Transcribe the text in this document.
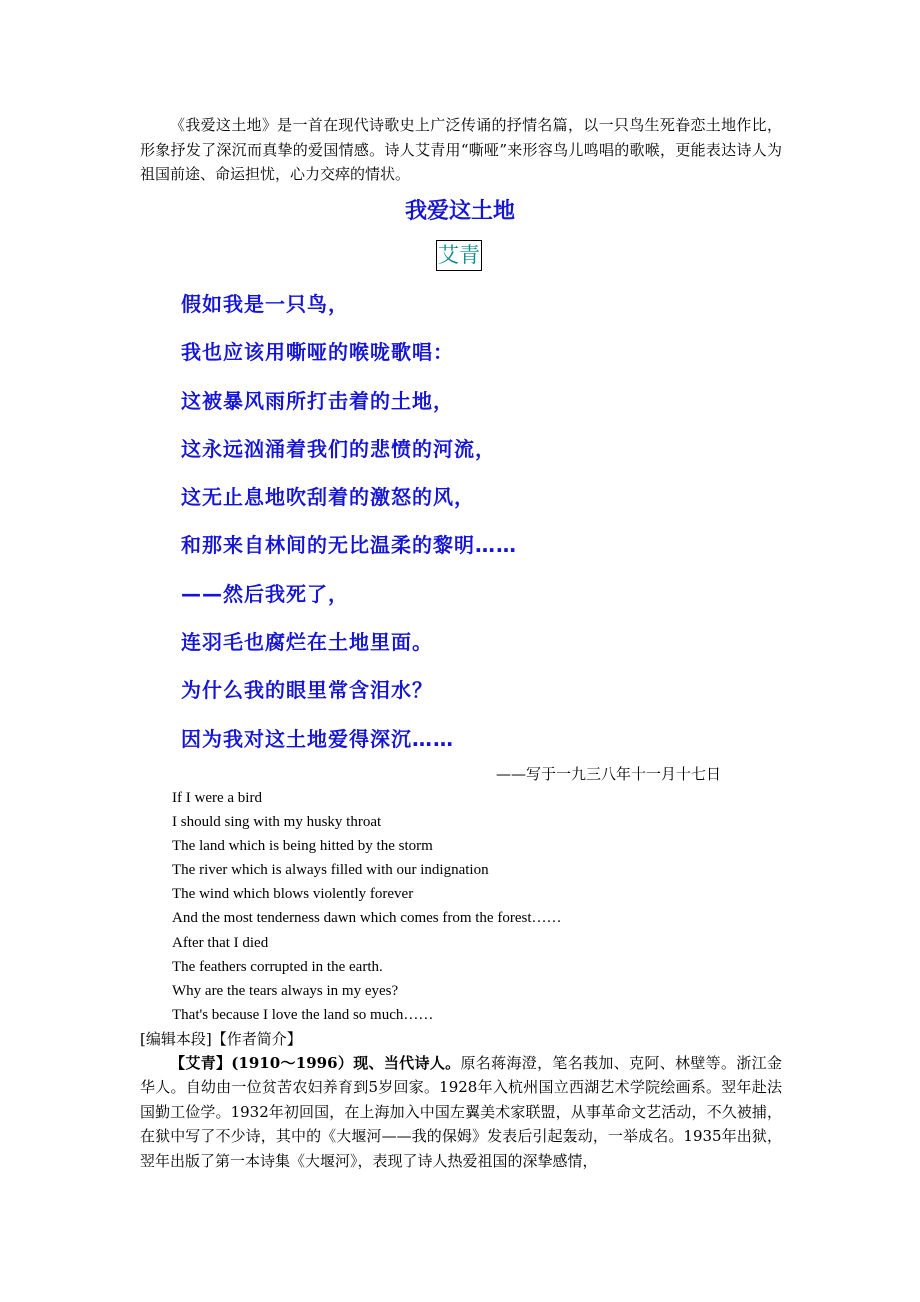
《我爱这土地》是一首在现代诗歌史上广泛传诵的抒情名篇，以一只鸟生死眷恋土地作比，形象抒发了深沉而真挚的爱国情感。诗人艾青用“嘶哑”来形容鸟儿鸣唱的歌喉，更能表达诗人为祖国前途、命运担忧，心力交瘁的情状。

我爱这土地
艾青
假如我是一只鸟，
我也应该用嘶哑的喉咙歌唱：
这被暴风雨所打击着的土地，
这永远汹涌着我们的悲愤的河流，
这无止息地吹刮着的激怒的风，
和那来自林间的无比温柔的黎明……
——然后我死了，
连羽毛也腐烂在土地里面。
为什么我的眼里常含泪水？
因为我对这土地爱得深沉……

——写于一九三八年十一月十七日

If I were a bird
I should sing with my husky throat
The land which is being hitted by the storm
The river which is always filled with our indignation
The wind which blows violently forever
And the most tenderness dawn which comes from the forest……
After that I died
The feathers corrupted in the earth.
Why are the tears always in my eyes?
That's because I love the land so much……

[编辑本段]【作者简介】

【艾青】(1910～1996）现、当代诗人。原名蒋海澄，笔名莪加、克阿、林壁等。浙江金华人。自幼由一位贫苦农妇养育到5岁回家。1928年入杭州国立西湖艺术学院绘画系。翌年赴法国勤工俭学。1932年初回国，在上海加入中国左翼美术家联盟，从事革命文艺活动，不久被捕，在狱中写了不少诗，其中的《大堰河——我的保姆》发表后引起轰动，一举成名。1935年出狱，翌年出版了第一本诗集《大堰河》，表现了诗人热爱祖国的深挚感情，
